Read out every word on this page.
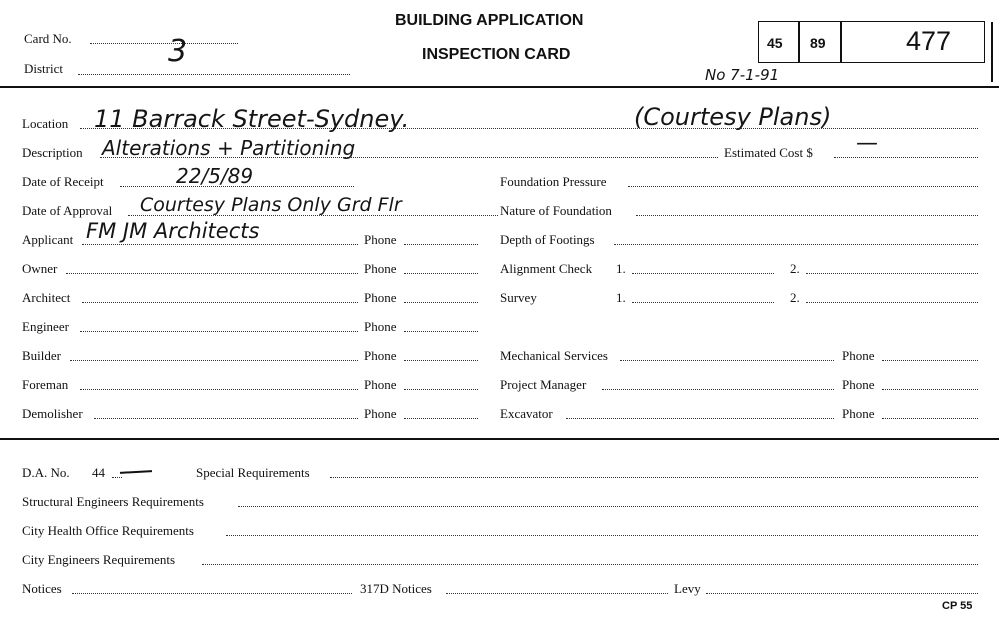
Card No.	3
District
BUILDING APPLICATION
INSPECTION CARD
45 89	477
No 7-1-91
Location 11 Barrack Street-Sydney.	(Courtesy Plans)
Description Alterations + Partitioning	Estimated Cost $ —
Date of Receipt	22/5/89
Date of Approval Courtesy Plans Only Grd Flr
Applicant FM JM Architects	Phone
Owner	Phone
Architect	Phone
Engineer	Phone
Builder	Phone
Foreman	Phone
Demolisher	Phone
Foundation Pressure
Nature of Foundation
Depth of Footings
Alignment Check 1.	2.
Survey	1.	2.
Mechanical Services	Phone
Project Manager	Phone
Excavator	Phone
D.A. No. 44	Special Requirements
Structural Engineers Requirements
City Health Office Requirements
City Engineers Requirements
Notices	317D Notices	Levy
CP 55
